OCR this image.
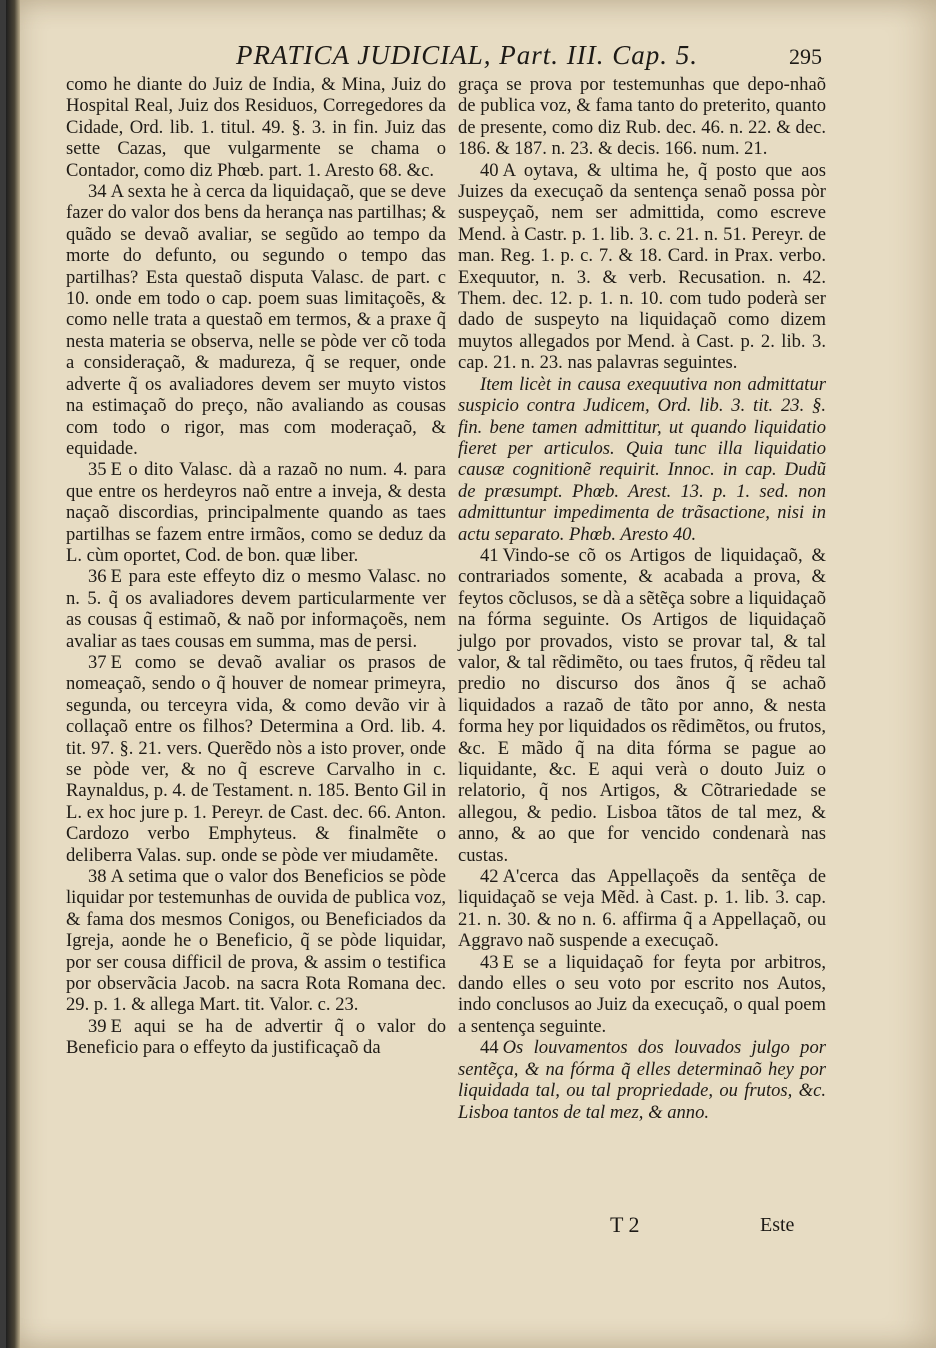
PRATICA JUDICIAL, Part. III. Cap. 5.	295

como he diante do Juiz de India, & Mina, Juiz do Hospital Real, Juiz dos Residuos, Corregedores da Cidade, Ord. lib. 1. titul. 49. §. 3. in fin. Juiz das sette Cazas, que vulgarmente se chama o Contador, como diz Phœb. part. 1. Aresto 68. &c.

34 A sexta he à cerca da liquidaçaõ, que se deve fazer do valor dos bens da herança nas partilhas; & quãdo se devaõ avaliar, se segũdo ao tempo da morte do defunto, ou segundo o tempo das partilhas? Esta questaõ disputa Valasc. de part. c 10. onde em todo o cap. poem suas limitaçoẽs, & como nelle trata a questaõ em termos, & a praxe q̃ nesta materia se observa, nelle se pòde ver cõ toda a consideraçaõ, & madureza, q̃ se requer, onde adverte q̃ os avaliadores devem ser muyto vistos na estimaçaõ do preço, não avaliando as cousas com todo o rigor, mas com moderaçaõ, & equidade.

35 E o dito Valasc. dà a razaõ no num. 4. para que entre os herdeyros naõ entre a inveja, & desta naçaõ discordias, principalmente quando as taes partilhas se fazem entre irmãos, como se deduz da L. cùm oportet, Cod. de bon. quæ liber.

36 E para este effeyto diz o mesmo Valasc. no n. 5. q̃ os avaliadores devem particularmente ver as cousas q̃ estimaõ, & naõ por informaçoẽs, nem avaliar as taes cousas em summa, mas de persi.

37 E como se devaõ avaliar os prasos de nomeaçaõ, sendo o q̃ houver de nomear primeyra, segunda, ou terceyra vida, & como devão vir à collaçaõ entre os filhos? Determina a Ord. lib. 4. tit. 97. §. 21. vers. Querẽdo nòs a isto prover, onde se pòde ver, & no q̃ escreve Carvalho in c. Raynaldus, p. 4. de Testament. n. 185. Bento Gil in L. ex hoc jure p. 1. Pereyr. de Cast. dec. 66. Anton. Cardozo verbo Emphyteus. & finalmẽte o deliberra Valas. sup. onde se pòde ver miudamẽte.

38 A setima que o valor dos Beneficios se pòde liquidar por testemunhas de ouvida de publica voz, & fama dos mesmos Conigos, ou Beneficiados da Igreja, aonde he o Beneficio, q̃ se pòde liquidar, por ser cousa difficil de prova, & assim o testifica por observãcia Jacob. na sacra Rota Romana dec. 29. p. 1. & allega Mart. tit. Valor. c. 23.

39 E aqui se ha de advertir q̃ o valor do Beneficio para o effeyto da justificaçaõ da

graça se prova por testemunhas que depo-nhaõ de publica voz, & fama tanto do preterito, quanto de presente, como diz Rub. dec. 46. n. 22. & dec. 186. & 187. n. 23. & decis. 166. num. 21.

40 A oytava, & ultima he, q̃ posto que aos Juizes da execuçaõ da sentença senaõ possa pòr suspeyçaõ, nem ser admittida, como escreve Mend. à Castr. p. 1. lib. 3. c. 21. n. 51. Pereyr. de man. Reg. 1. p. c. 7. & 18. Card. in Prax. verbo. Exequutor, n. 3. & verb. Recusation. n. 42. Them. dec. 12. p. 1. n. 10. com tudo poderà ser dado de suspeyto na liquidaçaõ como dizem muytos allegados por Mend. à Cast. p. 2. lib. 3. cap. 21. n. 23. nas palavras seguintes.

Item licèt in causa exequutiva non admittatur suspicio contra Judicem, Ord. lib. 3. tit. 23. §. fin. bene tamen admittitur, ut quando liquidatio fieret per articulos. Quia tunc illa liquidatio causæ cognitionẽ requirit. Innoc. in cap. Dudũ de præsumpt. Phœb. Arest. 13. p. 1. sed. non admittuntur impedimenta de trãsactione, nisi in actu separato. Phœb. Aresto 40.

41 Vindo-se cõ os Artigos de liquidaçaõ, & contrariados somente, & acabada a prova, & feytos cõclusos, se dà a sẽtẽça sobre a liquidaçaõ na fórma seguinte. Os Artigos de liquidaçaõ julgo por provados, visto se provar tal, & tal valor, & tal rẽdimẽto, ou taes frutos, q̃ rẽdeu tal predio no discurso dos ãnos q̃ se achaõ liquidados a razaõ de tãto por anno, & nesta forma hey por liquidados os rẽdimẽtos, ou frutos, &c. E mãdo q̃ na dita fórma se pague ao liquidante, &c. E aqui verà o douto Juiz o relatorio, q̃ nos Artigos, & Cõtrariedade se allegou, & pedio. Lisboa tãtos de tal mez, & anno, & ao que for vencido condenarà nas custas.

42 A'cerca das Appellaçoẽs da sentẽça de liquidaçaõ se veja Mẽd. à Cast. p. 1. lib. 3. cap. 21. n. 30. & no n. 6. affirma q̃ a Appellaçaõ, ou Aggravo naõ suspende a execuçaõ.

43 E se a liquidaçaõ for feyta por arbitros, dando elles o seu voto por escrito nos Autos, indo conclusos ao Juiz da execuçaõ, o qual poem a sentença seguinte.

44 Os louvamentos dos louvados julgo por sentẽça, & na fórma q̃ elles determinaõ hey por liquidada tal, ou tal propriedade, ou frutos, &c. Lisboa tantos de tal mez, & anno.

T 2	Este
